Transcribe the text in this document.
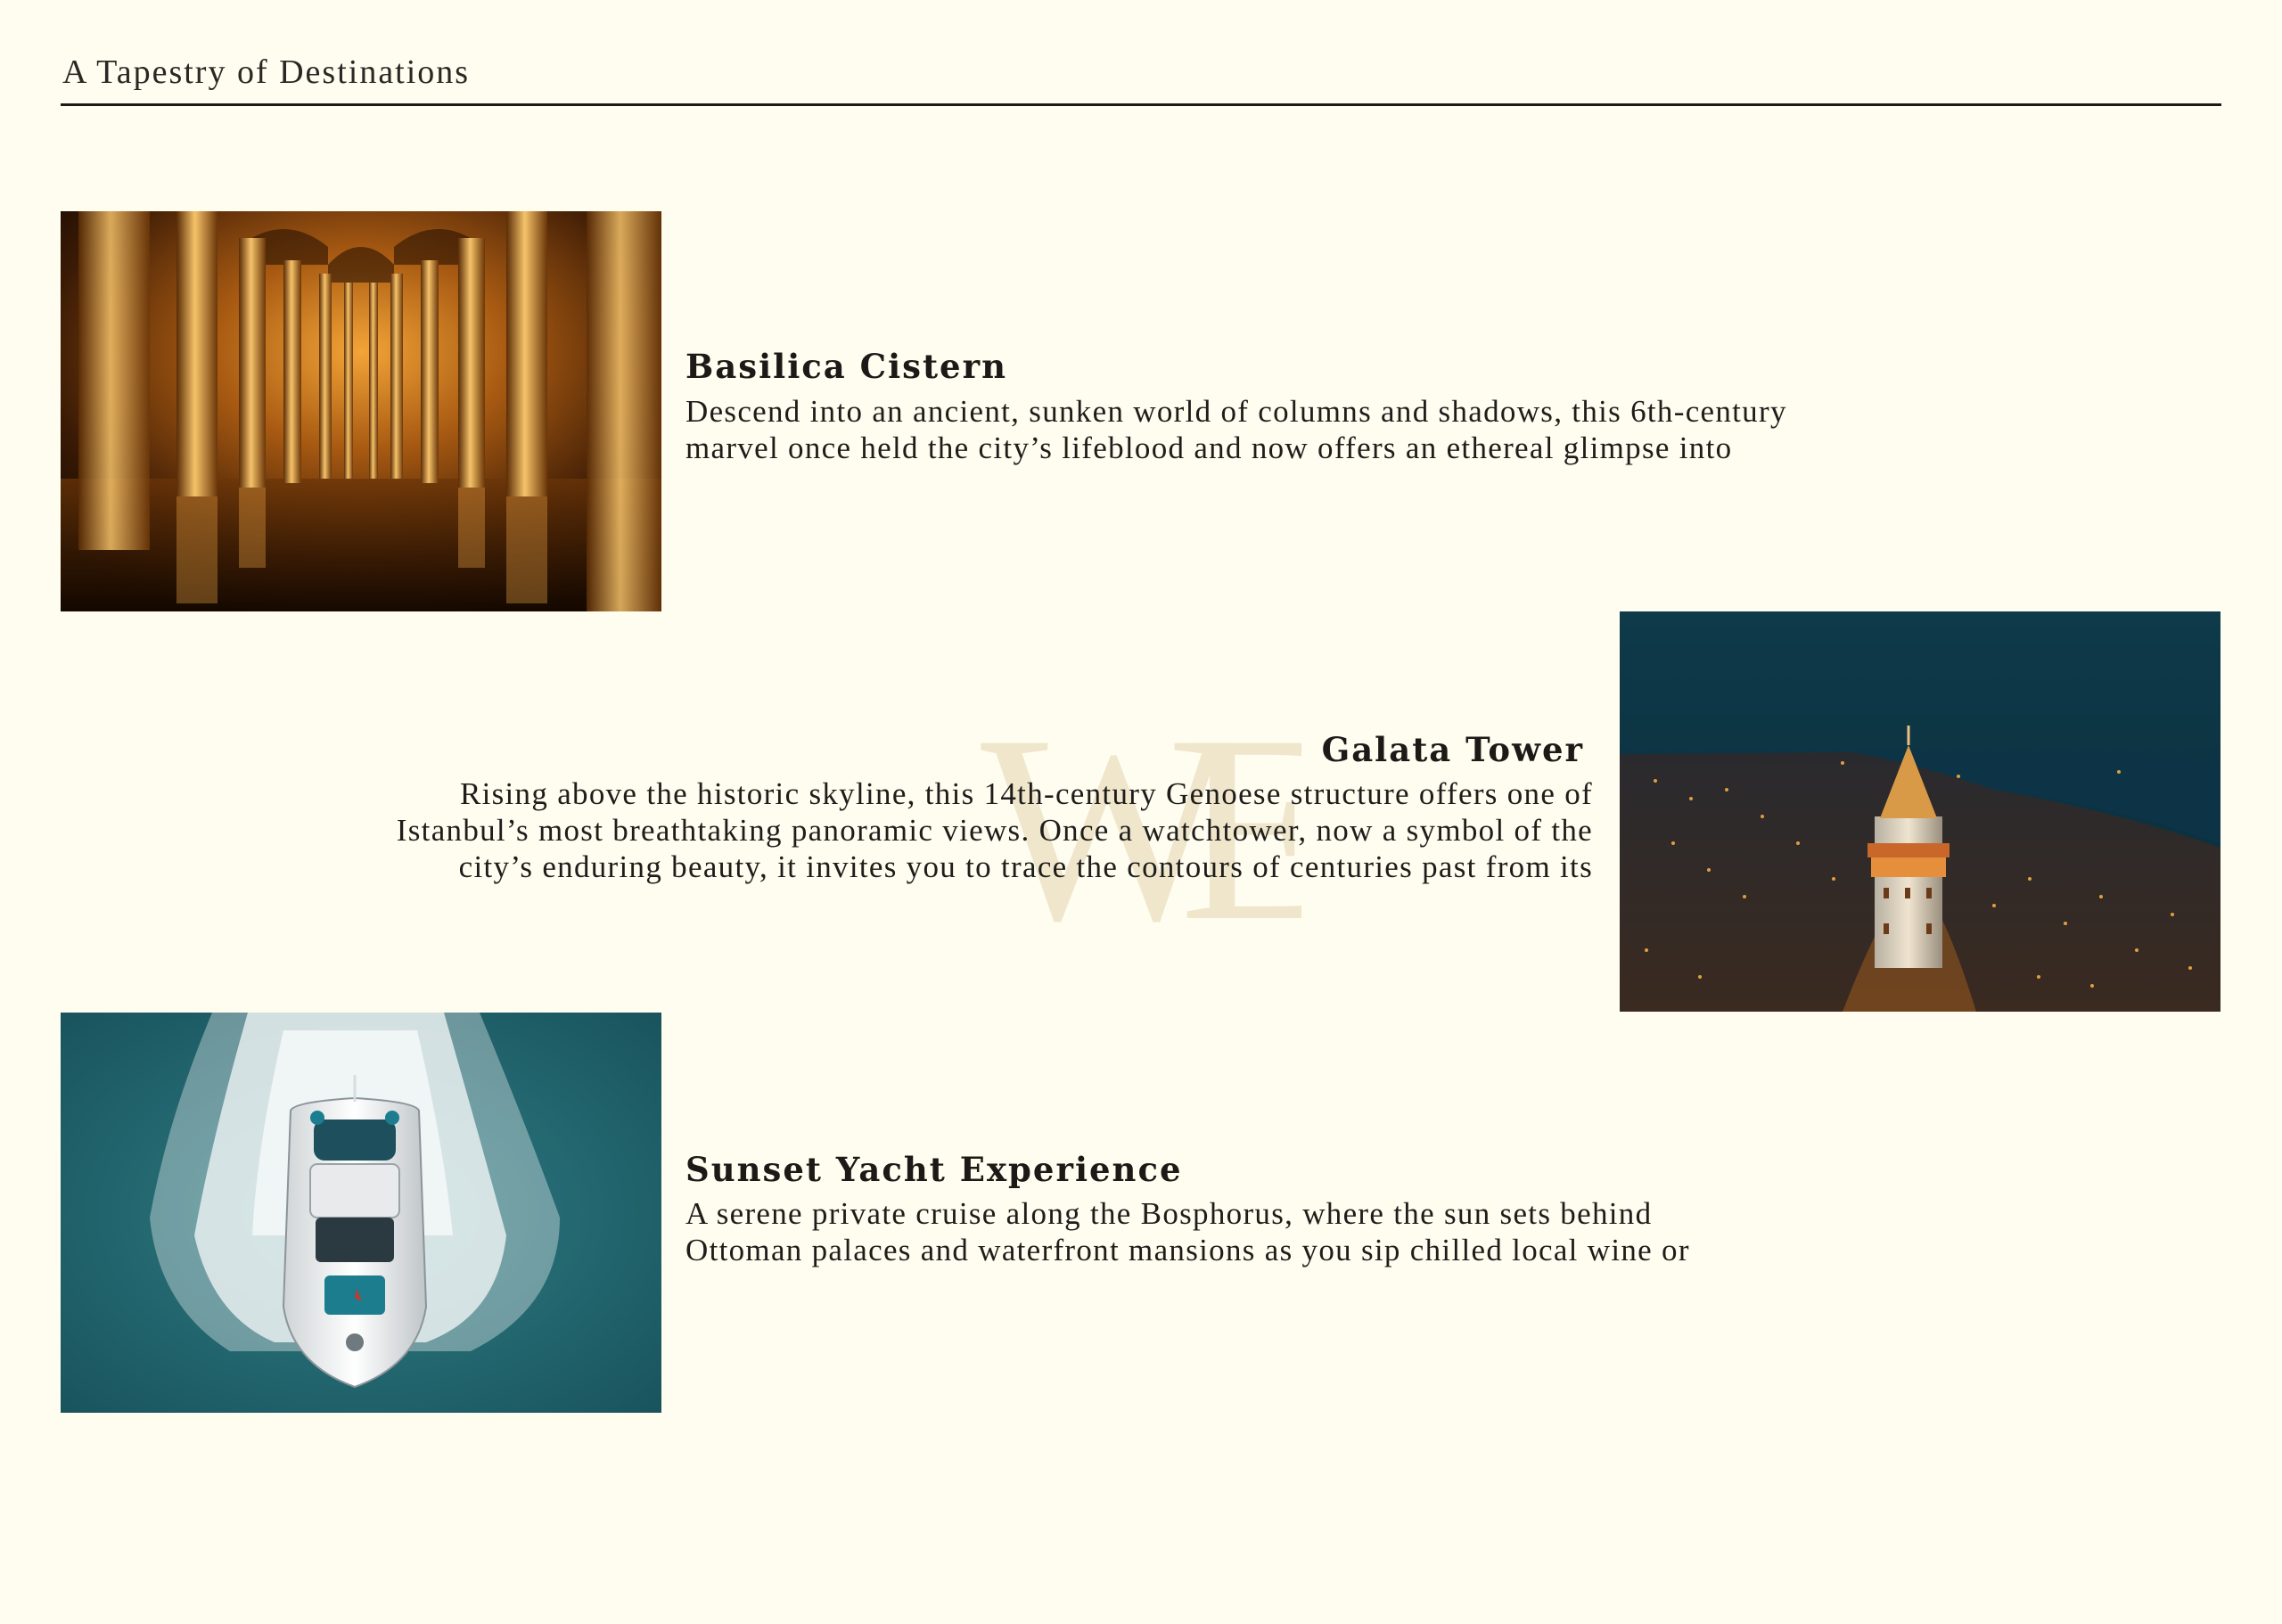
A Tapestry of Destinations
WE
Basilica Cistern

Descend into an ancient, sunken world of columns and shadows, this 6th-century
marvel once held the city’s lifeblood and now offers an ethereal glimpse into

Galata Tower

Rising above the historic skyline, this 14th-century Genoese structure offers one of
Istanbul’s most breathtaking panoramic views. Once a watchtower, now a symbol of the
city’s enduring beauty, it invites you to trace the contours of centuries past from its

Sunset Yacht Experience

A serene private cruise along the Bosphorus, where the sun sets behind
Ottoman palaces and waterfront mansions as you sip chilled local wine or
